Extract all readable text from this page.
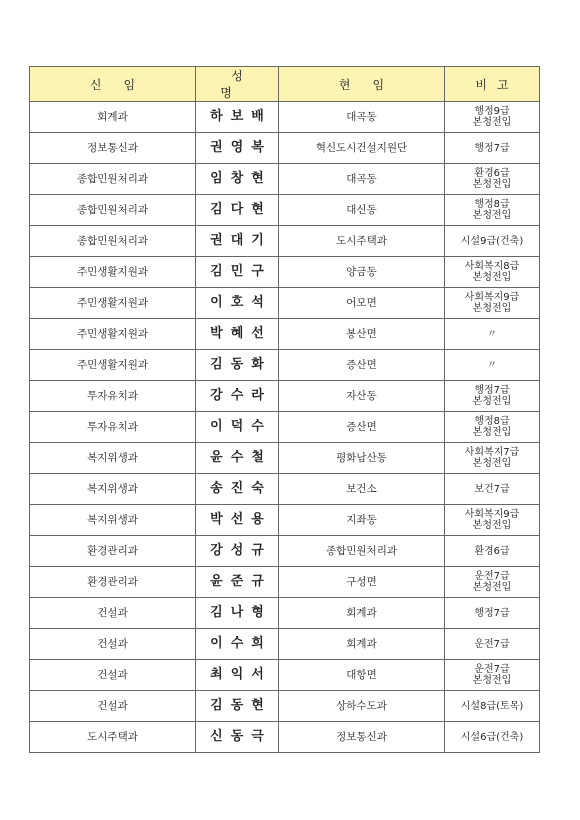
신임	성명	현임	비고
회계과	하보배	대곡동	행정9급
본청전입

정보통신과	권영복	혁신도시건설지원단	행정7급

종합민원처리과	임창현	대곡동	환경6급
본청전입

종합민원처리과	김다현	대신동	행정8급
본청전입

종합민원처리과	권대기	도시주택과	시설9급(건축)

주민생활지원과	김민구	양금동	사회복지8급
본청전입

주민생활지원과	이호석	어모면	사회복지9급
본청전입

주민생활지원과	박혜선	봉산면	〃

주민생활지원과	김동화	증산면	〃

투자유치과	강수라	자산동	행정7급
본청전입

투자유치과	이덕수	증산면	행정8급
본청전입

복지위생과	윤수철	평화남산동	사회복지7급
본청전입

복지위생과	송진숙	보건소	보건7급

복지위생과	박선용	지좌동	사회복지9급
본청전입

환경관리과	강성규	종합민원처리과	환경6급

환경관리과	윤준규	구성면	운전7급
본청전입

건설과	김나형	회계과	행정7급

건설과	이수희	회계과	운전7급

건설과	최익서	대항면	운전7급
본청전입

건설과	김동현	상하수도과	시설8급(토목)

도시주택과	신동극	정보통신과	시설6급(건축)
